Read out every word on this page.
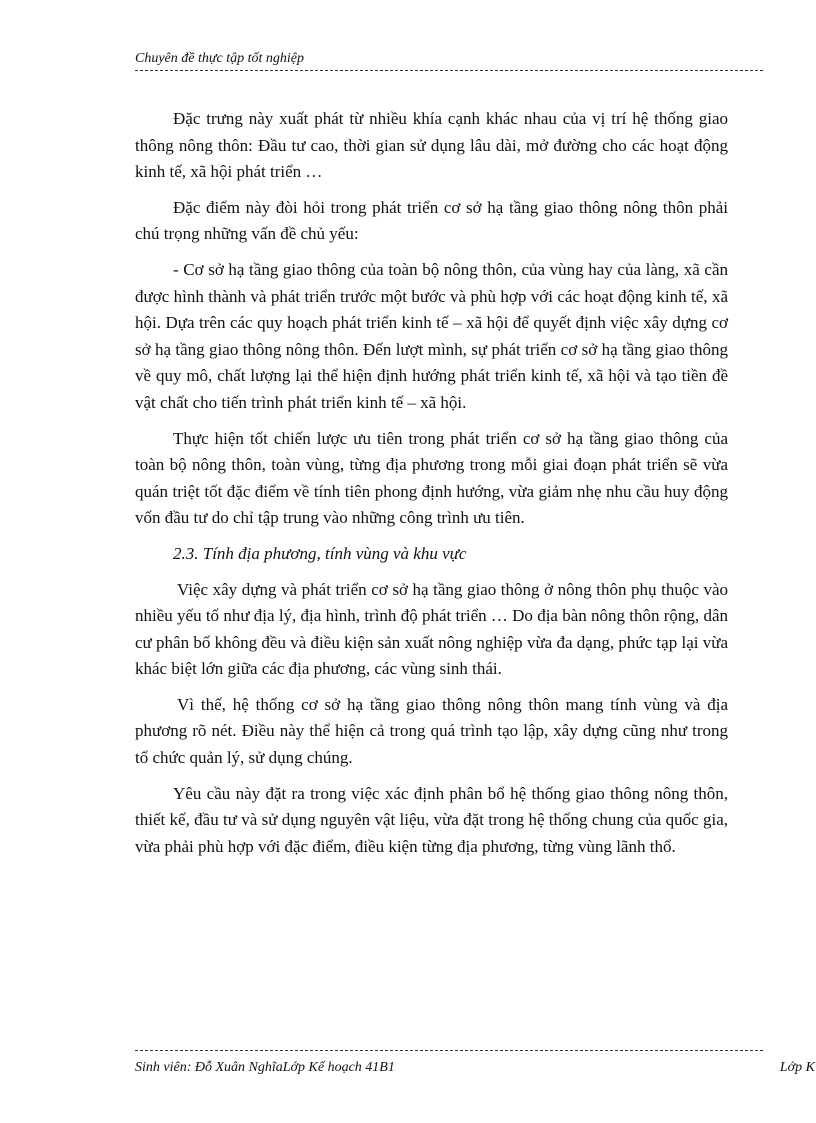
Chuyên đề thực tập tốt nghiệp

Đặc trưng này xuất phát từ nhiều khía cạnh khác nhau của vị trí hệ thống giao thông nông thôn: Đầu tư cao, thời gian sử dụng lâu dài, mở đường cho các hoạt động kinh tế, xã hội phát triển …

Đặc điểm này đòi hỏi trong phát triển cơ sở hạ tầng giao thông nông thôn phải chú trọng những vấn đề chủ yếu:

- Cơ sở hạ tầng giao thông của toàn bộ nông thôn, của vùng hay của làng, xã cần được hình thành và phát triển trước một bước và phù hợp với các hoạt động kinh tế, xã hội. Dựa trên các quy hoạch phát triển kinh tế – xã hội để quyết định việc xây dựng cơ sở hạ tầng giao thông nông thôn. Đến lượt mình, sự phát triển cơ sở hạ tầng giao thông về quy mô, chất lượng lại thể hiện định hướng phát triển kinh tế, xã hội và tạo tiền đề vật chất cho tiến trình phát triển kinh tế – xã hội.

Thực hiện tốt chiến lược ưu tiên trong phát triển cơ sở hạ tầng giao thông của toàn bộ nông thôn, toàn vùng, từng địa phương trong mỗi giai đoạn phát triển sẽ vừa quán triệt tốt đặc điểm về tính tiên phong định hướng, vừa giảm nhẹ nhu cầu huy động vốn đầu tư do chỉ tập trung vào những công trình ưu tiên.

2.3. Tính địa phương, tính vùng và khu vực

Việc xây dựng và phát triển cơ sở hạ tầng giao thông ở nông thôn phụ thuộc vào nhiều yếu tố như địa lý, địa hình, trình độ phát triển … Do địa bàn nông thôn rộng, dân cư phân bố không đều và điều kiện sản xuất nông nghiệp vừa đa dạng, phức tạp lại vừa khác biệt lớn giữa các địa phương, các vùng sinh thái.

Vì thế, hệ thống cơ sở hạ tầng giao thông nông thôn mang tính vùng và địa phương rõ nét. Điều này thể hiện cả trong quá trình tạo lập, xây dựng cũng như trong tổ chức quản lý, sử dụng chúng.

Yêu cầu này đặt ra trong việc xác định phân bổ hệ thống giao thông nông thôn, thiết kế, đầu tư và sử dụng nguyên vật liệu, vừa đặt trong hệ thống chung của quốc gia, vừa phải phù hợp với đặc điểm, điều kiện từng địa phương, từng vùng lãnh thổ.

Sinh viên: Đỗ Xuân NghĩaLớp Kế hoạch 41B1	Lớp K
